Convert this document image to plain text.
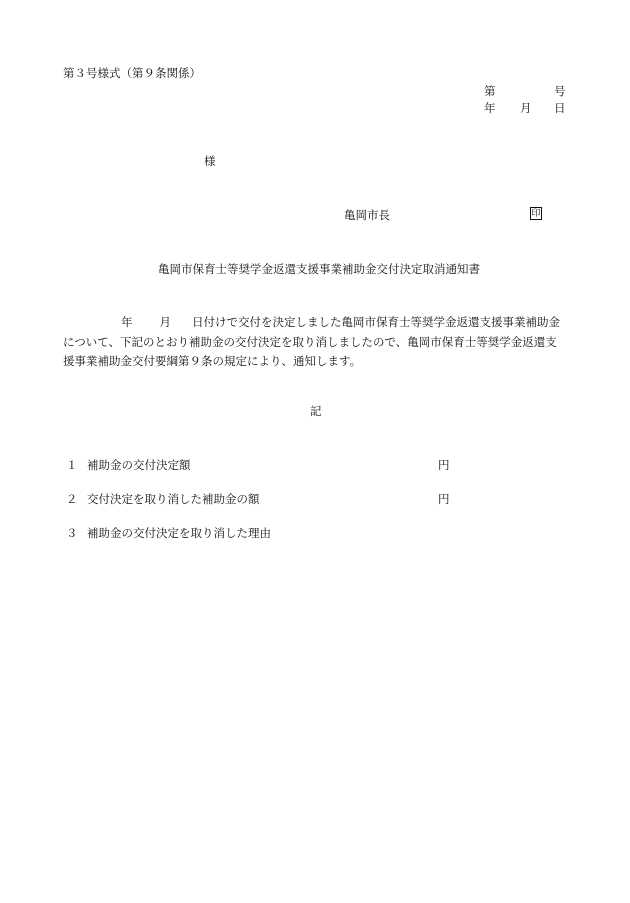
第３号様式（第９条関係）
第	号
年 月 日
様
亀岡市長	印
亀岡市保育士等奨学金返還支援事業補助金交付決定取消通知書
年 月 日付けで交付を決定しました亀岡市保育士等奨学金返還支援事業補助金
について、下記のとおり補助金の交付決定を取り消しましたので、亀岡市保育士等奨学金返還支
援事業補助金交付要綱第９条の規定により、通知します。
記
１ 補助金の交付決定額	円
２ 交付決定を取り消した補助金の額	円
３ 補助金の交付決定を取り消した理由
